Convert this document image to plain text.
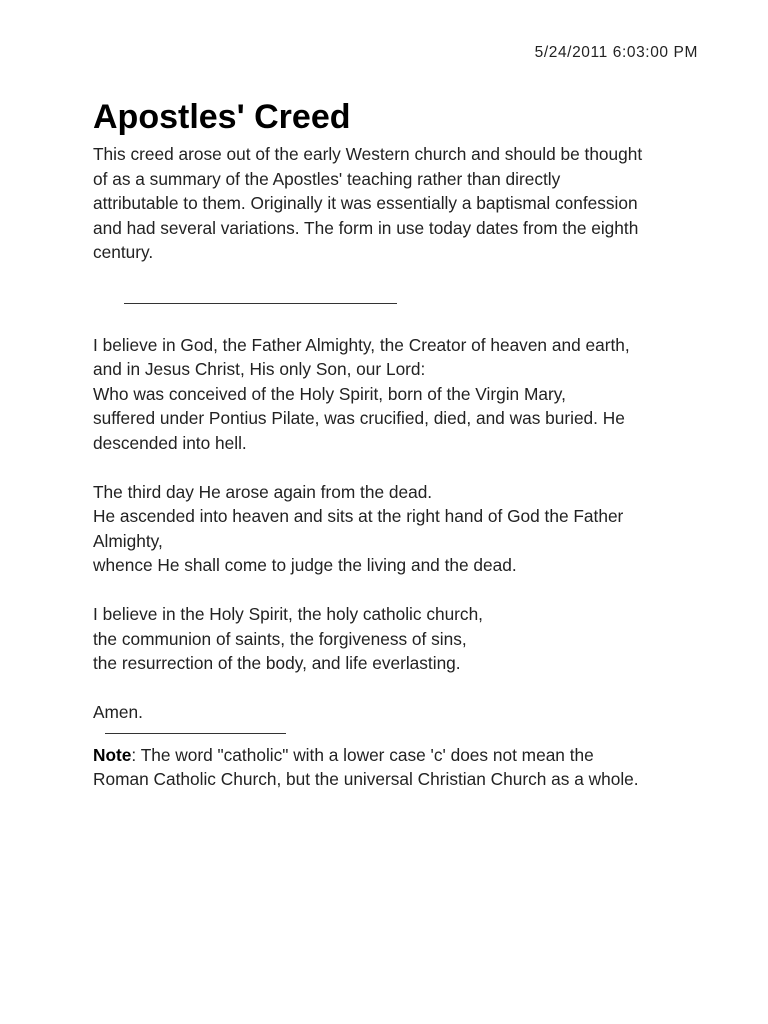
5/24/2011 6:03:00 PM
Apostles' Creed

This creed arose out of the early Western church and should be thought
of as a summary of the Apostles' teaching rather than directly
attributable to them. Originally it was essentially a baptismal confession
and had several variations. The form in use today dates from the eighth
century.

I believe in God, the Father Almighty, the Creator of heaven and earth,
and in Jesus Christ, His only Son, our Lord:
Who was conceived of the Holy Spirit, born of the Virgin Mary,
suffered under Pontius Pilate, was crucified, died, and was buried. He
descended into hell.

The third day He arose again from the dead.
He ascended into heaven and sits at the right hand of God the Father
Almighty,
whence He shall come to judge the living and the dead.

I believe in the Holy Spirit, the holy catholic church,
the communion of saints, the forgiveness of sins,
the resurrection of the body, and life everlasting.

Amen.

Note: The word "catholic" with a lower case 'c' does not mean the
Roman Catholic Church, but the universal Christian Church as a whole.
